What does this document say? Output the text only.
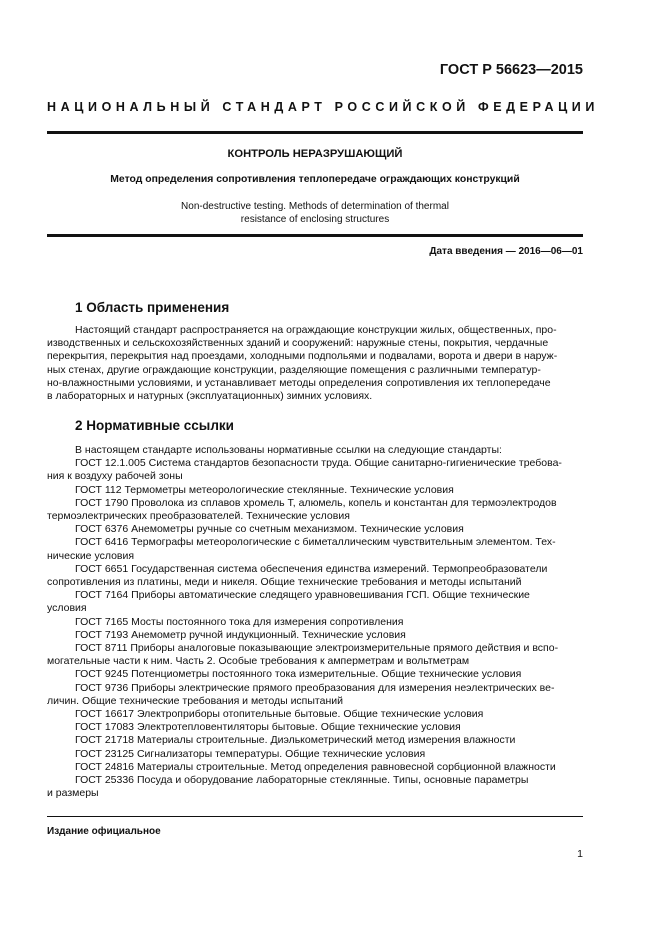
ГОСТ Р 56623—2015
НАЦИОНАЛЬНЫЙ СТАНДАРТ РОССИЙСКОЙ ФЕДЕРАЦИИ
КОНТРОЛЬ НЕРАЗРУШАЮЩИЙ
Метод определения сопротивления теплопередаче ограждающих конструкций
Non-destructive testing. Methods of determination of thermal
resistance of enclosing structures
Дата введения — 2016—06—01
1 Область применения
Настоящий стандарт распространяется на ограждающие конструкции жилых, общественных, про-
изводственных и сельскохозяйственных зданий и сооружений: наружные стены, покрытия, чердачные
перекрытия, перекрытия над проездами, холодными подпольями и подвалами, ворота и двери в наруж-
ных стенах, другие ограждающие конструкции, разделяющие помещения с различными температур-
но-влажностными условиями, и устанавливает методы определения сопротивления их теплопередаче
в лабораторных и натурных (эксплуатационных) зимних условиях.
2 Нормативные ссылки
В настоящем стандарте использованы нормативные ссылки на следующие стандарты:
ГОСТ 12.1.005 Система стандартов безопасности труда. Общие санитарно-гигиенические требова-
ния к воздуху рабочей зоны
ГОСТ 112 Термометры метеорологические стеклянные. Технические условия
ГОСТ 1790 Проволока из сплавов хромель Т, алюмель, копель и константан для термоэлектродов
термоэлектрических преобразователей. Технические условия
ГОСТ 6376 Анемометры ручные со счетным механизмом. Технические условия
ГОСТ 6416 Термографы метеорологические с биметаллическим чувствительным элементом. Тех-
нические условия
ГОСТ 6651 Государственная система обеспечения единства измерений. Термопреобразователи
сопротивления из платины, меди и никеля. Общие технические требования и методы испытаний
ГОСТ 7164 Приборы автоматические следящего уравновешивания ГСП. Общие технические
условия
ГОСТ 7165 Мосты постоянного тока для измерения сопротивления
ГОСТ 7193 Анемометр ручной индукционный. Технические условия
ГОСТ 8711 Приборы аналоговые показывающие электроизмерительные прямого действия и вспо-
могательные части к ним. Часть 2. Особые требования к амперметрам и вольтметрам
ГОСТ 9245 Потенциометры постоянного тока измерительные. Общие технические условия
ГОСТ 9736 Приборы электрические прямого преобразования для измерения неэлектрических ве-
личин. Общие технические требования и методы испытаний
ГОСТ 16617 Электроприборы отопительные бытовые. Общие технические условия
ГОСТ 17083 Электротепловентиляторы бытовые. Общие технические условия
ГОСТ 21718 Материалы строительные. Диэлькометрический метод измерения влажности
ГОСТ 23125 Сигнализаторы температуры. Общие технические условия
ГОСТ 24816 Материалы строительные. Метод определения равновесной сорбционной влажности
ГОСТ 25336 Посуда и оборудование лабораторные стеклянные. Типы, основные параметры
и размеры
Издание официальное
1
